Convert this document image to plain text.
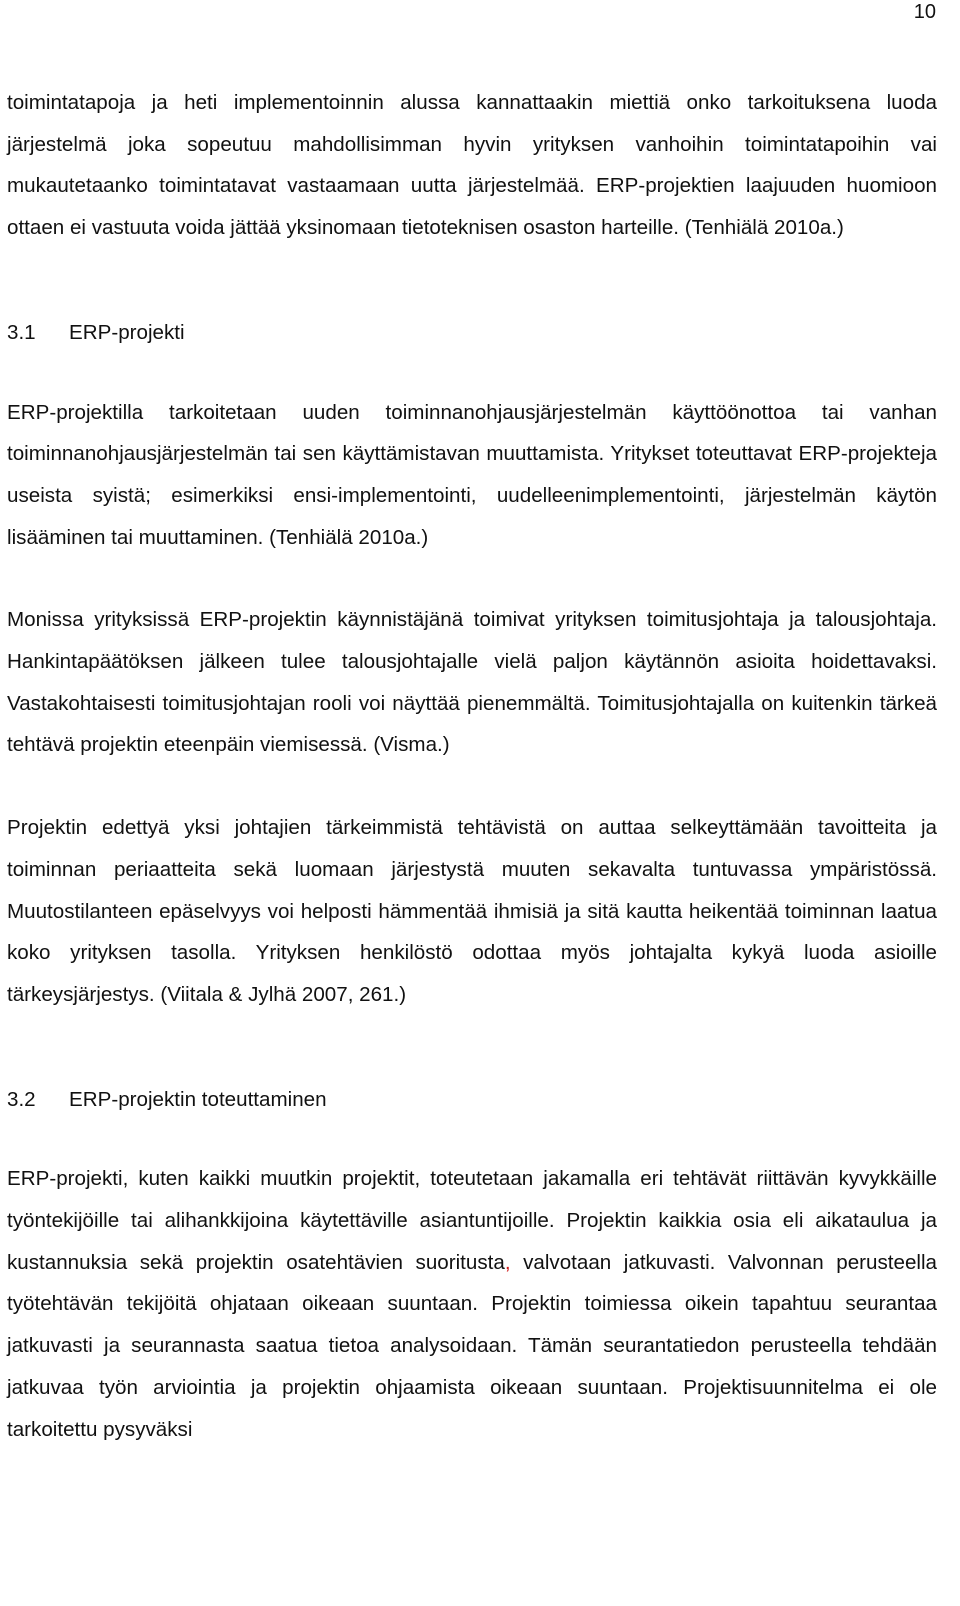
10

toimintatapoja ja heti implementoinnin alussa kannattaakin miettiä onko tarkoituksena luoda järjestelmä joka sopeutuu mahdollisimman hyvin yrityksen vanhoihin toimintatapoihin vai mukautetaanko toimintatavat vastaamaan uutta järjestelmää. ERP-projektien laajuuden huomioon ottaen ei vastuuta voida jättää yksinomaan tietoteknisen osaston harteille. (Tenhiälä 2010a.)

3.1 ERP-projekti

ERP-projektilla tarkoitetaan uuden toiminnanohjausjärjestelmän käyttöönottoa tai vanhan toiminnanohjausjärjestelmän tai sen käyttämistavan muuttamista. Yritykset toteuttavat ERP-projekteja useista syistä; esimerkiksi ensi-implementointi, uudelleenimplementointi, järjestelmän käytön lisääminen tai muuttaminen. (Tenhiälä 2010a.)

Monissa yrityksissä ERP-projektin käynnistäjänä toimivat yrityksen toimitusjohtaja ja talousjohtaja. Hankintapäätöksen jälkeen tulee talousjohtajalle vielä paljon käytännön asioita hoidettavaksi. Vastakohtaisesti toimitusjohtajan rooli voi näyttää pienemmältä. Toimitusjohtajalla on kuitenkin tärkeä tehtävä projektin eteenpäin viemisessä. (Visma.)

Projektin edettyä yksi johtajien tärkeimmistä tehtävistä on auttaa selkeyttämään tavoitteita ja toiminnan periaatteita sekä luomaan järjestystä muuten sekavalta tuntuvassa ympäristössä. Muutostilanteen epäselvyys voi helposti hämmentää ihmisiä ja sitä kautta heikentää toiminnan laatua koko yrityksen tasolla. Yrityksen henkilöstö odottaa myös johtajalta kykyä luoda asioille tärkeysjärjestys. (Viitala & Jylhä 2007, 261.)

3.2 ERP-projektin toteuttaminen

ERP-projekti, kuten kaikki muutkin projektit, toteutetaan jakamalla eri tehtävät riittävän kyvykkäille työntekijöille tai alihankkijoina käytettäville asiantuntijoille. Projektin kaikkia osia eli aikataulua ja kustannuksia sekä projektin osatehtävien suoritusta, valvotaan jatkuvasti. Valvonnan perusteella työtehtävän tekijöitä ohjataan oikeaan suuntaan. Projektin toimiessa oikein tapahtuu seurantaa jatkuvasti ja seurannasta saatua tietoa analysoidaan. Tämän seurantatiedon perusteella tehdään jatkuvaa työn arviointia ja projektin ohjaamista oikeaan suuntaan. Projektisuunnitelma ei ole tarkoitettu pysyväksi
